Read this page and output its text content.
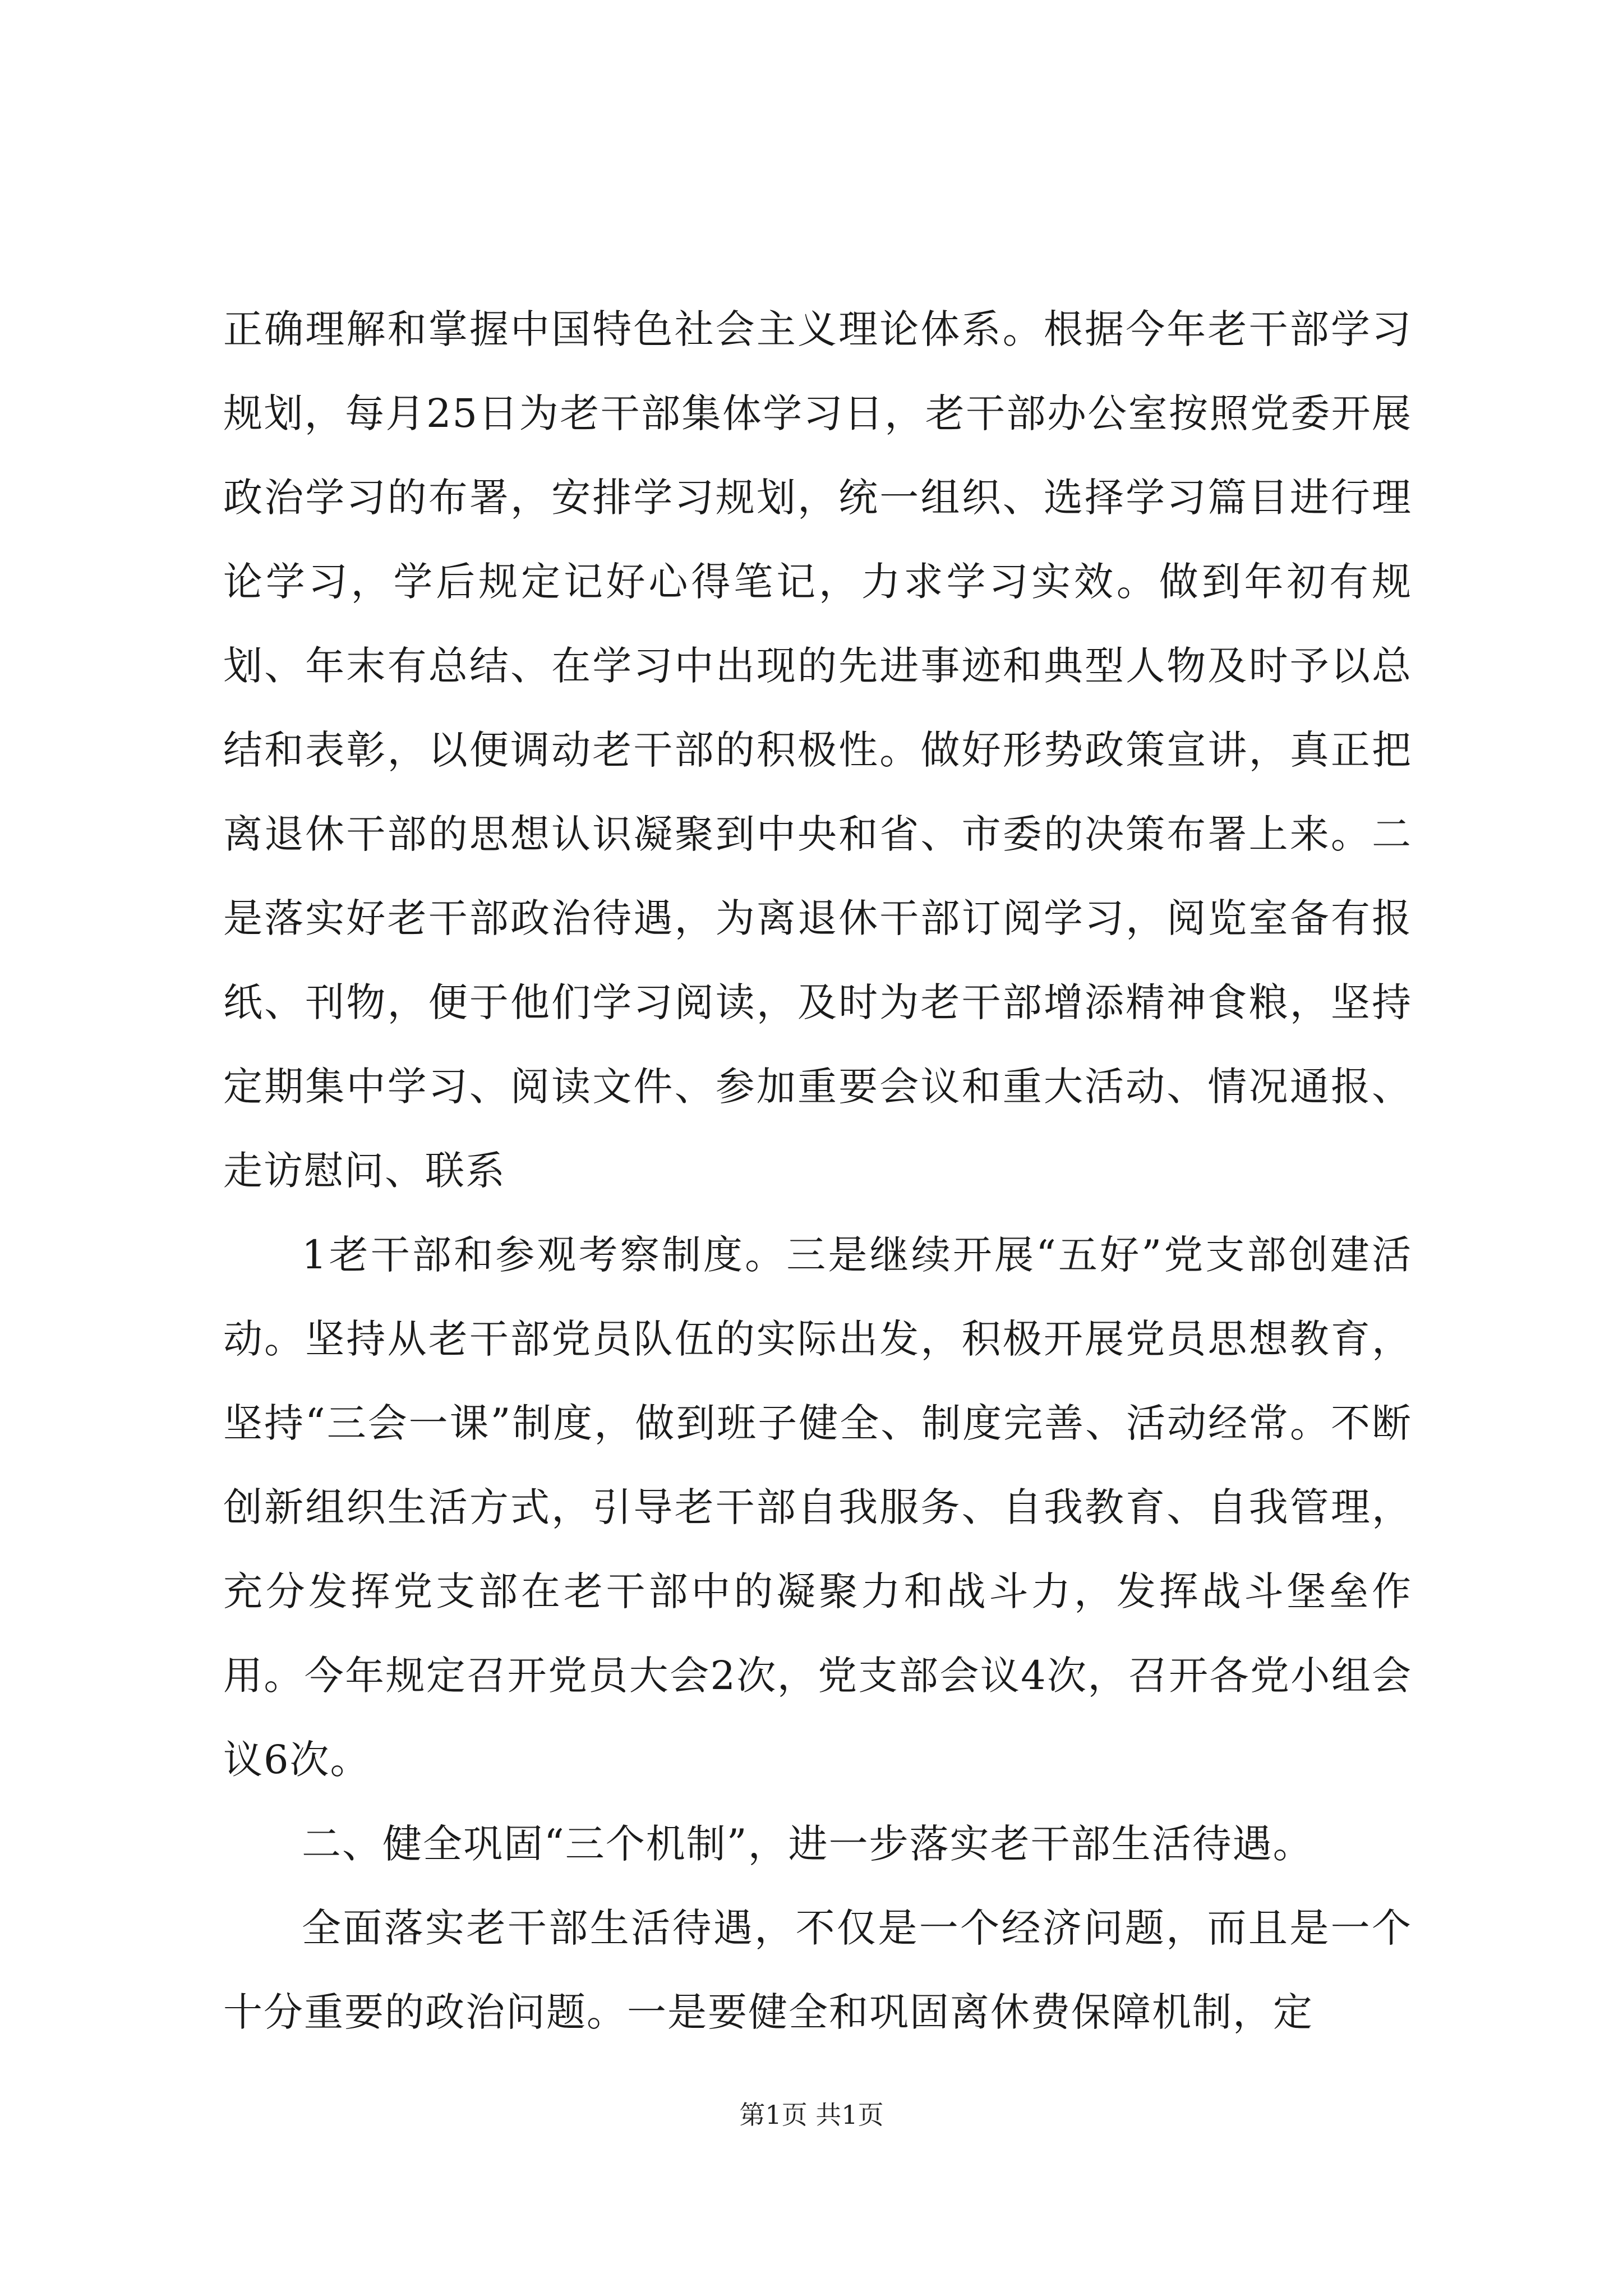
正确理解和掌握中国特色社会主义理论体系。根据今年老干部学习规划，每月25日为老干部集体学习日，老干部办公室按照党委开展政治学习的布署，安排学习规划，统一组织、选择学习篇目进行理论学习，学后规定记好心得笔记，力求学习实效。做到年初有规划、年末有总结、在学习中出现的先进事迹和典型人物及时予以总结和表彰，以便调动老干部的积极性。做好形势政策宣讲，真正把离退休干部的思想认识凝聚到中央和省、市委的决策布署上来。二是落实好老干部政治待遇，为离退休干部订阅学习，阅览室备有报纸、刊物，便于他们学习阅读，及时为老干部增添精神食粮，坚持定期集中学习、阅读文件、参加重要会议和重大活动、情况通报、走访慰问、联系

1老干部和参观考察制度。三是继续开展“五好”党支部创建活动。坚持从老干部党员队伍的实际出发，积极开展党员思想教育，坚持“三会一课”制度，做到班子健全、制度完善、活动经常。不断创新组织生活方式，引导老干部自我服务、自我教育、自我管理，充分发挥党支部在老干部中的凝聚力和战斗力，发挥战斗堡垒作用。今年规定召开党员大会2次，党支部会议4次，召开各党小组会议6次。

二、健全巩固“三个机制”，进一步落实老干部生活待遇。

全面落实老干部生活待遇，不仅是一个经济问题，而且是一个十分重要的政治问题。一是要健全和巩固离休费保障机制，定

第1页 共1页
